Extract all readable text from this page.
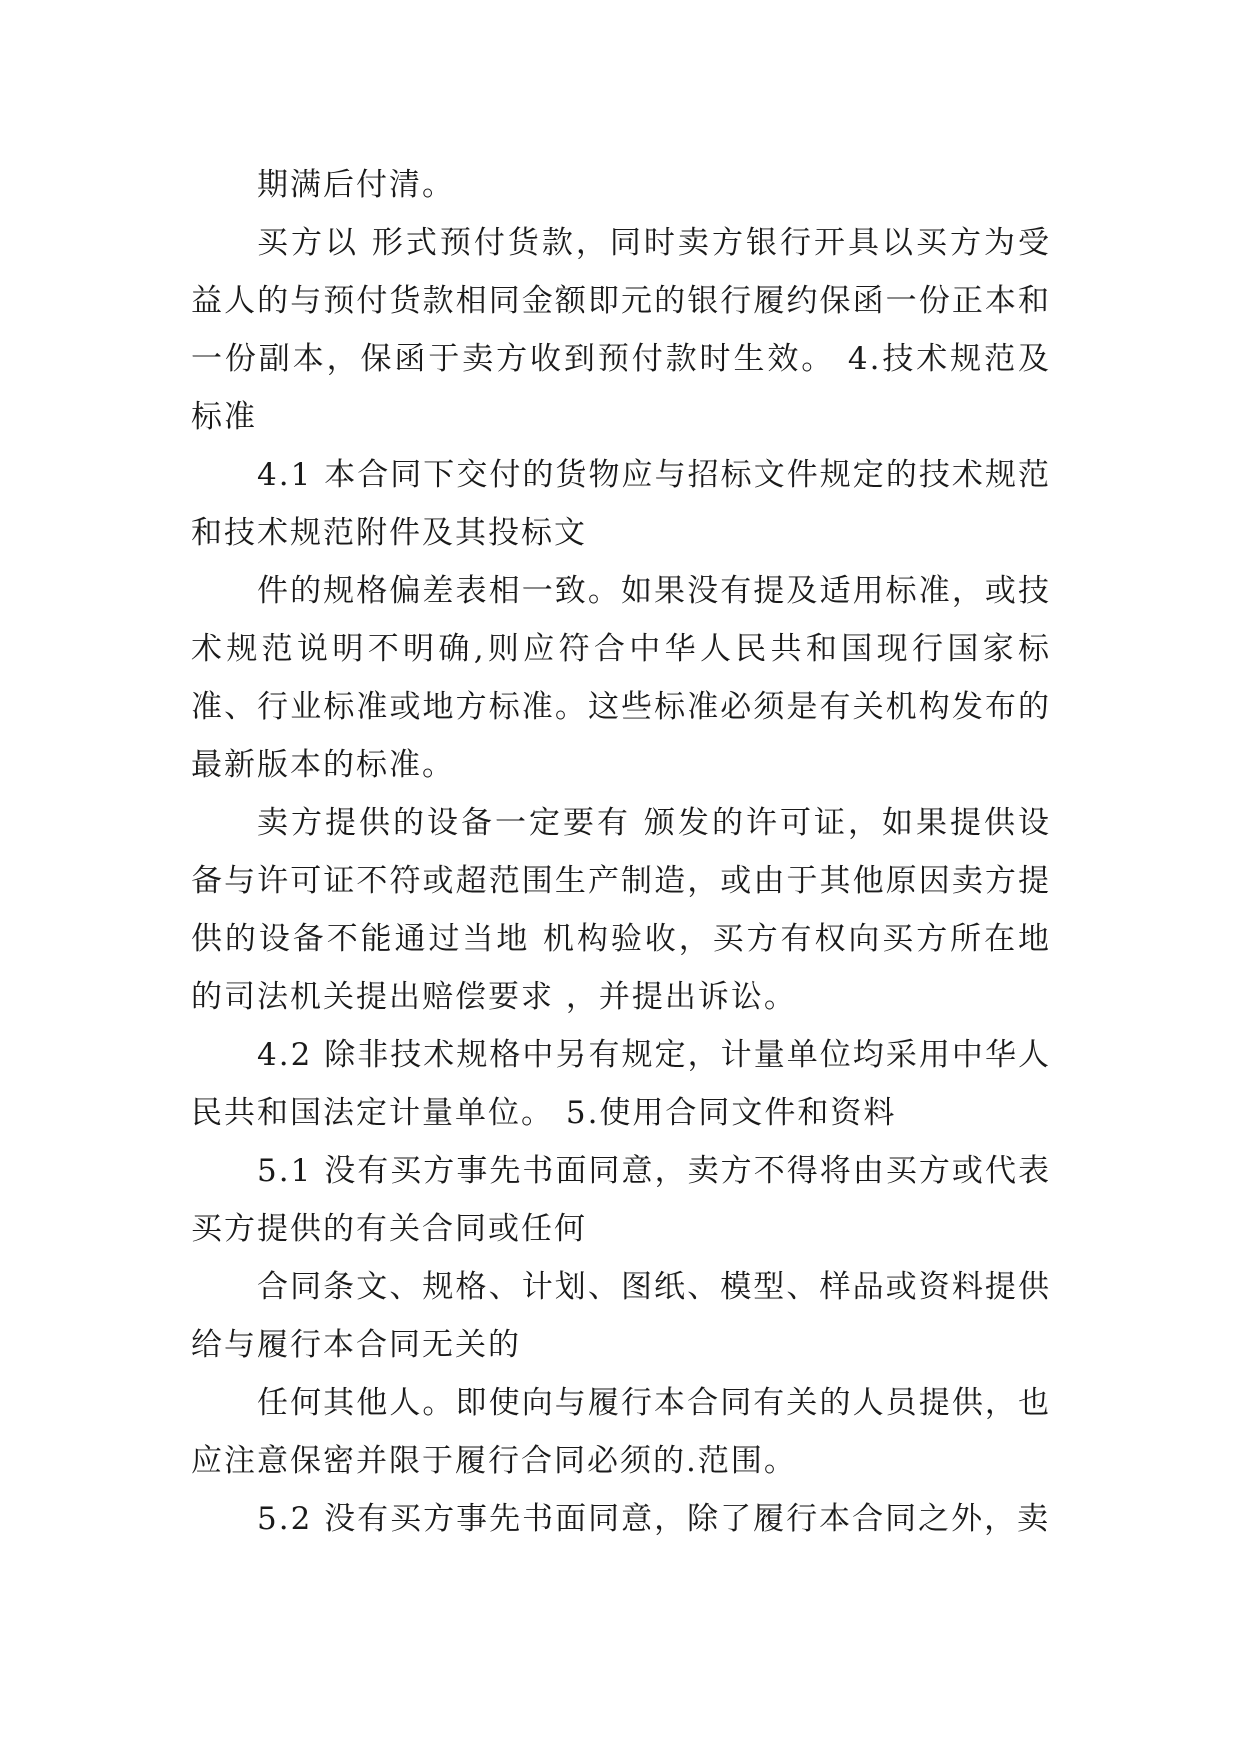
期满后付清。

买方以 形式预付货款，同时卖方银行开具以买方为受益人的与预付货款相同金额即元的银行履约保函一份正本和一份副本，保函于卖方收到预付款时生效。 4.技术规范及标准

4.1 本合同下交付的货物应与招标文件规定的技术规范和技术规范附件及其投标文

件的规格偏差表相一致。如果没有提及适用标准，或技术规范说明不明确,则应符合中华人民共和国现行国家标准、行业标准或地方标准。这些标准必须是有关机构发布的最新版本的标准。

卖方提供的设备一定要有 颁发的许可证，如果提供设备与许可证不符或超范围生产制造，或由于其他原因卖方提供的设备不能通过当地 机构验收，买方有权向买方所在地的司法机关提出赔偿要求 ，并提出诉讼。

4.2 除非技术规格中另有规定，计量单位均采用中华人民共和国法定计量单位。 5.使用合同文件和资料

5.1 没有买方事先书面同意，卖方不得将由买方或代表买方提供的有关合同或任何

合同条文、规格、计划、图纸、模型、样品或资料提供给与履行本合同无关的

任何其他人。即使向与履行本合同有关的人员提供，也应注意保密并限于履行合同必须的.范围。

5.2 没有买方事先书面同意，除了履行本合同之外，卖
